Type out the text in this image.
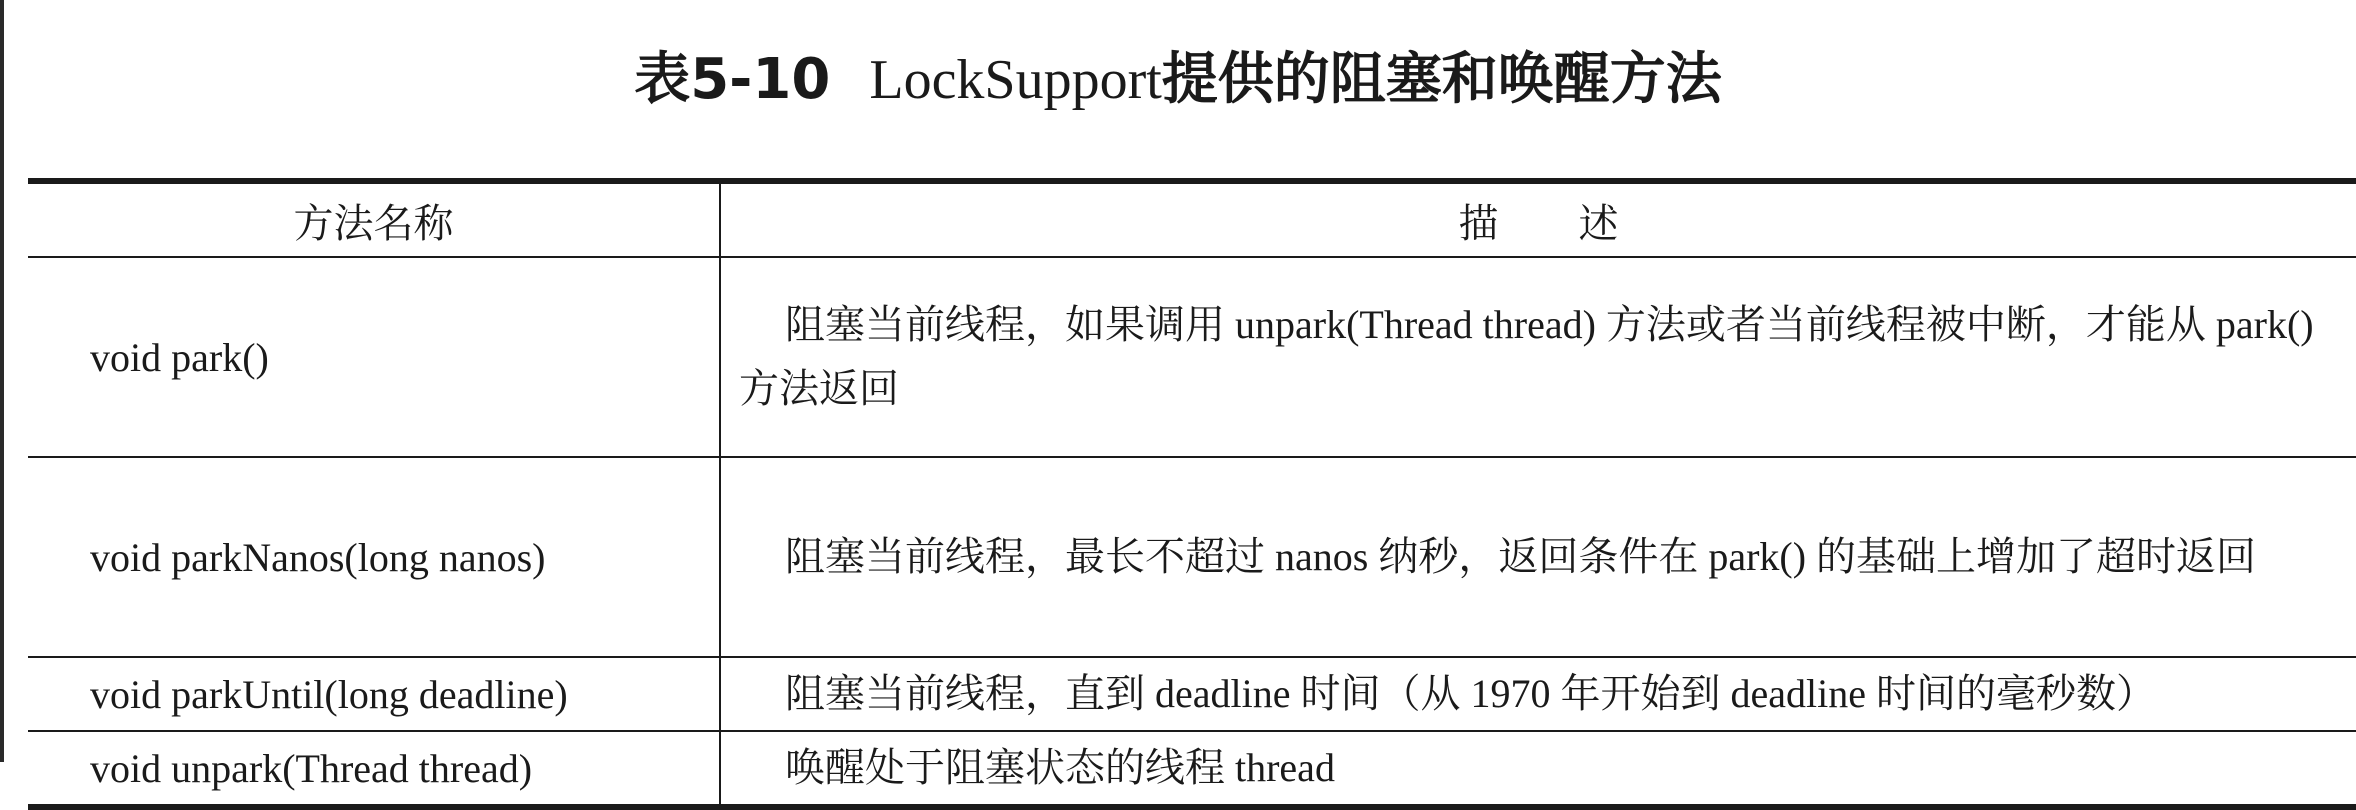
表5-10 LockSupport提供的阻塞和唤醒方法
方法名称	描　　述
void park()	阻塞当前线程，如果调用 unpark(Thread thread) 方法或者当前线程被中断，才能从 park() 方法返回
void parkNanos(long nanos)	阻塞当前线程，最长不超过 nanos 纳秒，返回条件在 park() 的基础上增加了超时返回
void parkUntil(long deadline)	阻塞当前线程，直到 deadline 时间（从 1970 年开始到 deadline 时间的毫秒数）
void unpark(Thread thread)	唤醒处于阻塞状态的线程 thread
